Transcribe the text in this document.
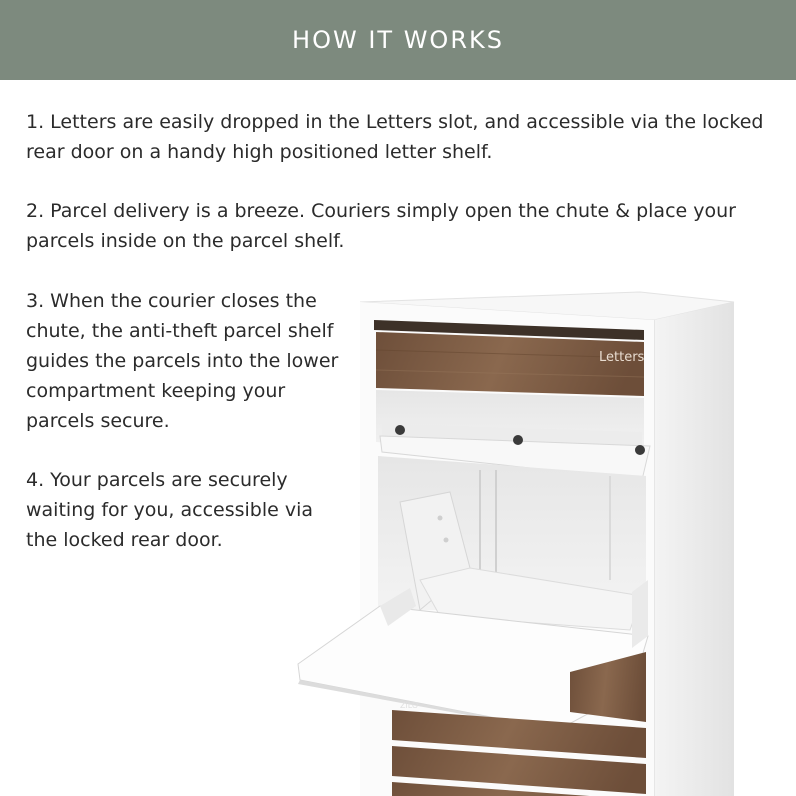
HOW IT WORKS

1. Letters are easily dropped in the Letters slot, and accessible via the locked rear door on a handy high positioned letter shelf.

2. Parcel delivery is a breeze. Couriers simply open the chute & place your parcels inside on the parcel shelf.

3. When the courier closes the chute, the anti-theft parcel shelf guides the parcels into the lower compartment keeping your parcels secure.

4. Your parcels are securely waiting for you, accessible via the locked rear door.

Letters
ZiLO
